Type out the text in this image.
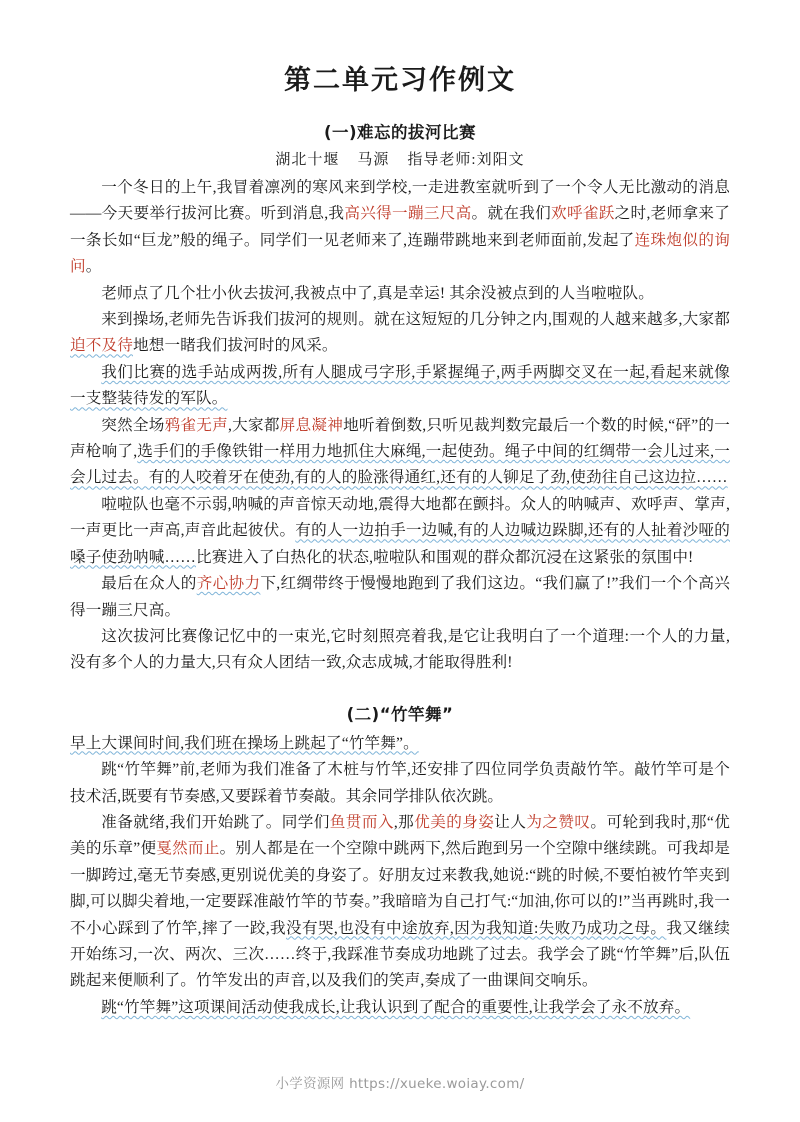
第二单元习作例文
(一)难忘的拔河比赛
湖北十堰 马源 指导老师:刘阳文

一个冬日的上午,我冒着凛冽的寒风来到学校,一走进教室就听到了一个令人无比激动的消息——今天要举行拔河比赛。听到消息,我高兴得一蹦三尺高。就在我们欢呼雀跃之时,老师拿来了一条长如“巨龙”般的绳子。同学们一见老师来了,连蹦带跳地来到老师面前,发起了连珠炮似的询问。

老师点了几个壮小伙去拔河,我被点中了,真是幸运! 其余没被点到的人当啦啦队。

来到操场,老师先告诉我们拔河的规则。就在这短短的几分钟之内,围观的人越来越多,大家都迫不及待地想一睹我们拔河时的风采。

我们比赛的选手站成两拨,所有人腿成弓字形,手紧握绳子,两手两脚交叉在一起,看起来就像一支整装待发的军队。

突然全场鸦雀无声,大家都屏息凝神地听着倒数,只听见裁判数完最后一个数的时候,“砰”的一声枪响了,选手们的手像铁钳一样用力地抓住大麻绳,一起使劲。绳子中间的红绸带一会儿过来,一会儿过去。有的人咬着牙在使劲,有的人的脸涨得通红,还有的人铆足了劲,使劲往自己这边拉……

啦啦队也毫不示弱,呐喊的声音惊天动地,震得大地都在颤抖。众人的呐喊声、欢呼声、掌声,一声更比一声高,声音此起彼伏。有的人一边拍手一边喊,有的人边喊边跺脚,还有的人扯着沙哑的嗓子使劲呐喊……比赛进入了白热化的状态,啦啦队和围观的群众都沉浸在这紧张的氛围中!

最后在众人的齐心协力下,红绸带终于慢慢地跑到了我们这边。“我们赢了!”我们一个个高兴得一蹦三尺高。

这次拔河比赛像记忆中的一束光,它时刻照亮着我,是它让我明白了一个道理:一个人的力量,没有多个人的力量大,只有众人团结一致,众志成城,才能取得胜利!

(二)“竹竿舞”

早上大课间时间,我们班在操场上跳起了“竹竿舞”。

跳“竹竿舞”前,老师为我们准备了木桩与竹竿,还安排了四位同学负责敲竹竿。敲竹竿可是个技术活,既要有节奏感,又要踩着节奏敲。其余同学排队依次跳。

准备就绪,我们开始跳了。同学们鱼贯而入,那优美的身姿让人为之赞叹。可轮到我时,那“优美的乐章”便戛然而止。别人都是在一个空隙中跳两下,然后跑到另一个空隙中继续跳。可我却是一脚跨过,毫无节奏感,更别说优美的身姿了。好朋友过来教我,她说:“跳的时候,不要怕被竹竿夹到脚,可以脚尖着地,一定要踩准敲竹竿的节奏。”我暗暗为自己打气:“加油,你可以的!”当再跳时,我一不小心踩到了竹竿,摔了一跤,我没有哭,也没有中途放弃,因为我知道:失败乃成功之母。我又继续开始练习,一次、两次、三次……终于,我踩准节奏成功地跳了过去。我学会了跳“竹竿舞”后,队伍跳起来便顺利了。竹竿发出的声音,以及我们的笑声,奏成了一曲课间交响乐。

跳“竹竿舞”这项课间活动使我成长,让我认识到了配合的重要性,让我学会了永不放弃。

小学资源网 https://xueke.woiay.com/
